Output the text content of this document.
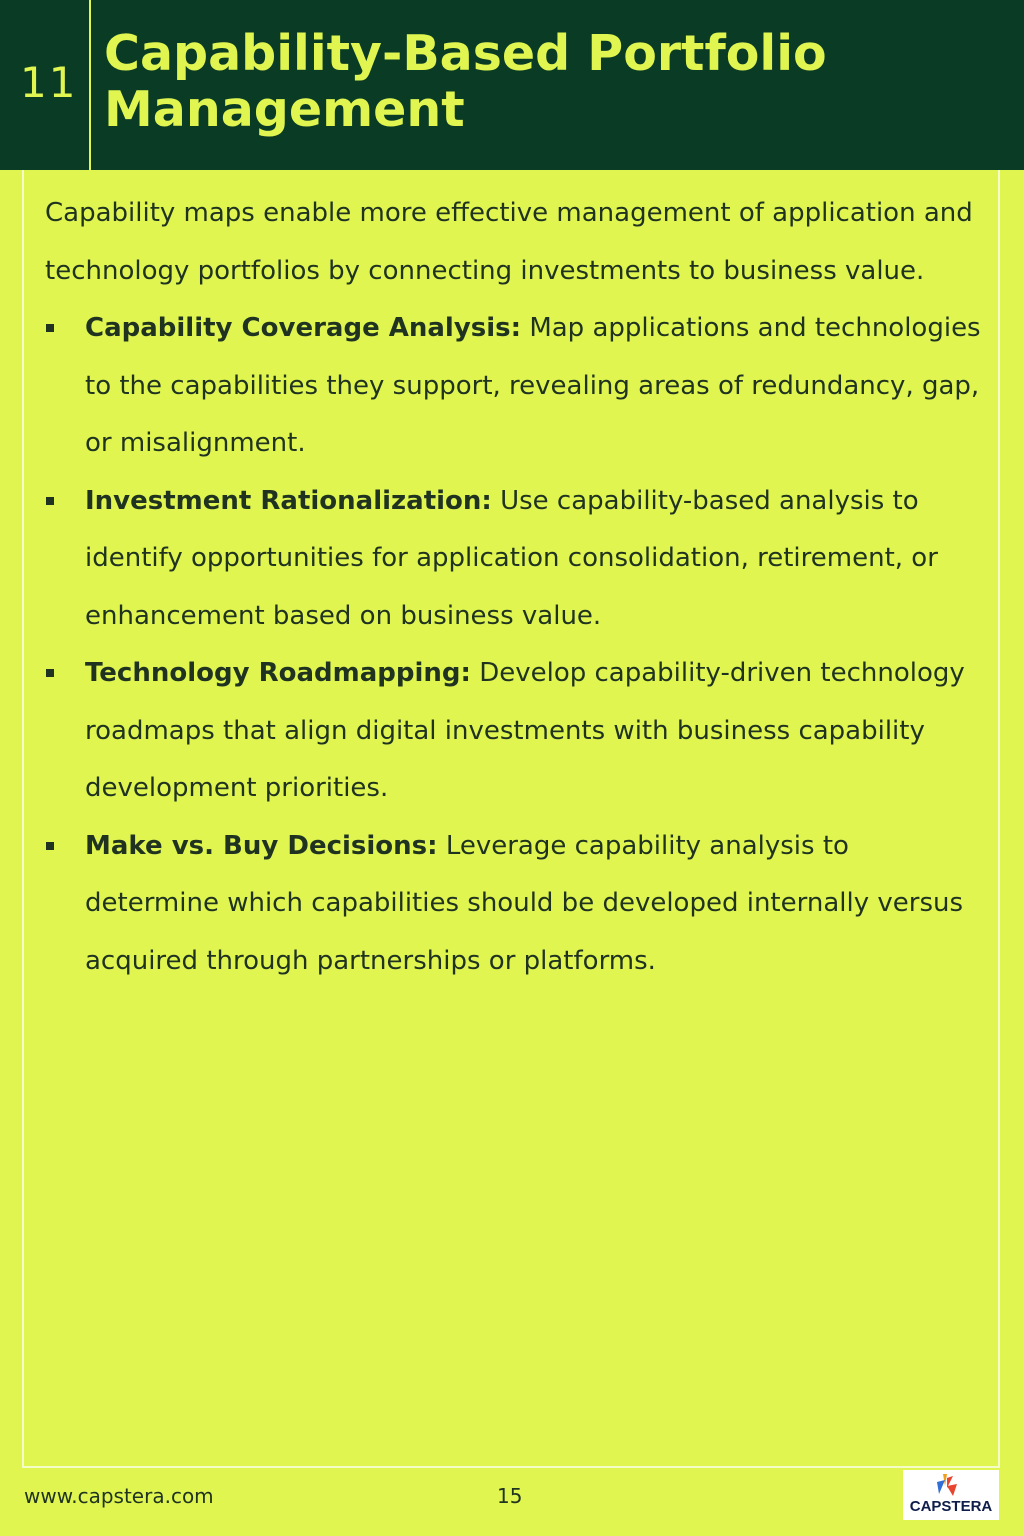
11
Capability-Based Portfolio Management

Capability maps enable more effective management of application and technology portfolios by connecting investments to business value.

Capability Coverage Analysis: Map applications and technologies to the capabilities they support, revealing areas of redundancy, gap, or misalignment.
Investment Rationalization: Use capability-based analysis to identify opportunities for application consolidation, retirement, or enhancement based on business value.
Technology Roadmapping: Develop capability-driven technology roadmaps that align digital investments with business capability development priorities.
Make vs. Buy Decisions: Leverage capability analysis to determine which capabilities should be developed internally versus acquired through partnerships or platforms.
www.capstera.com	15	CAPSTERA
